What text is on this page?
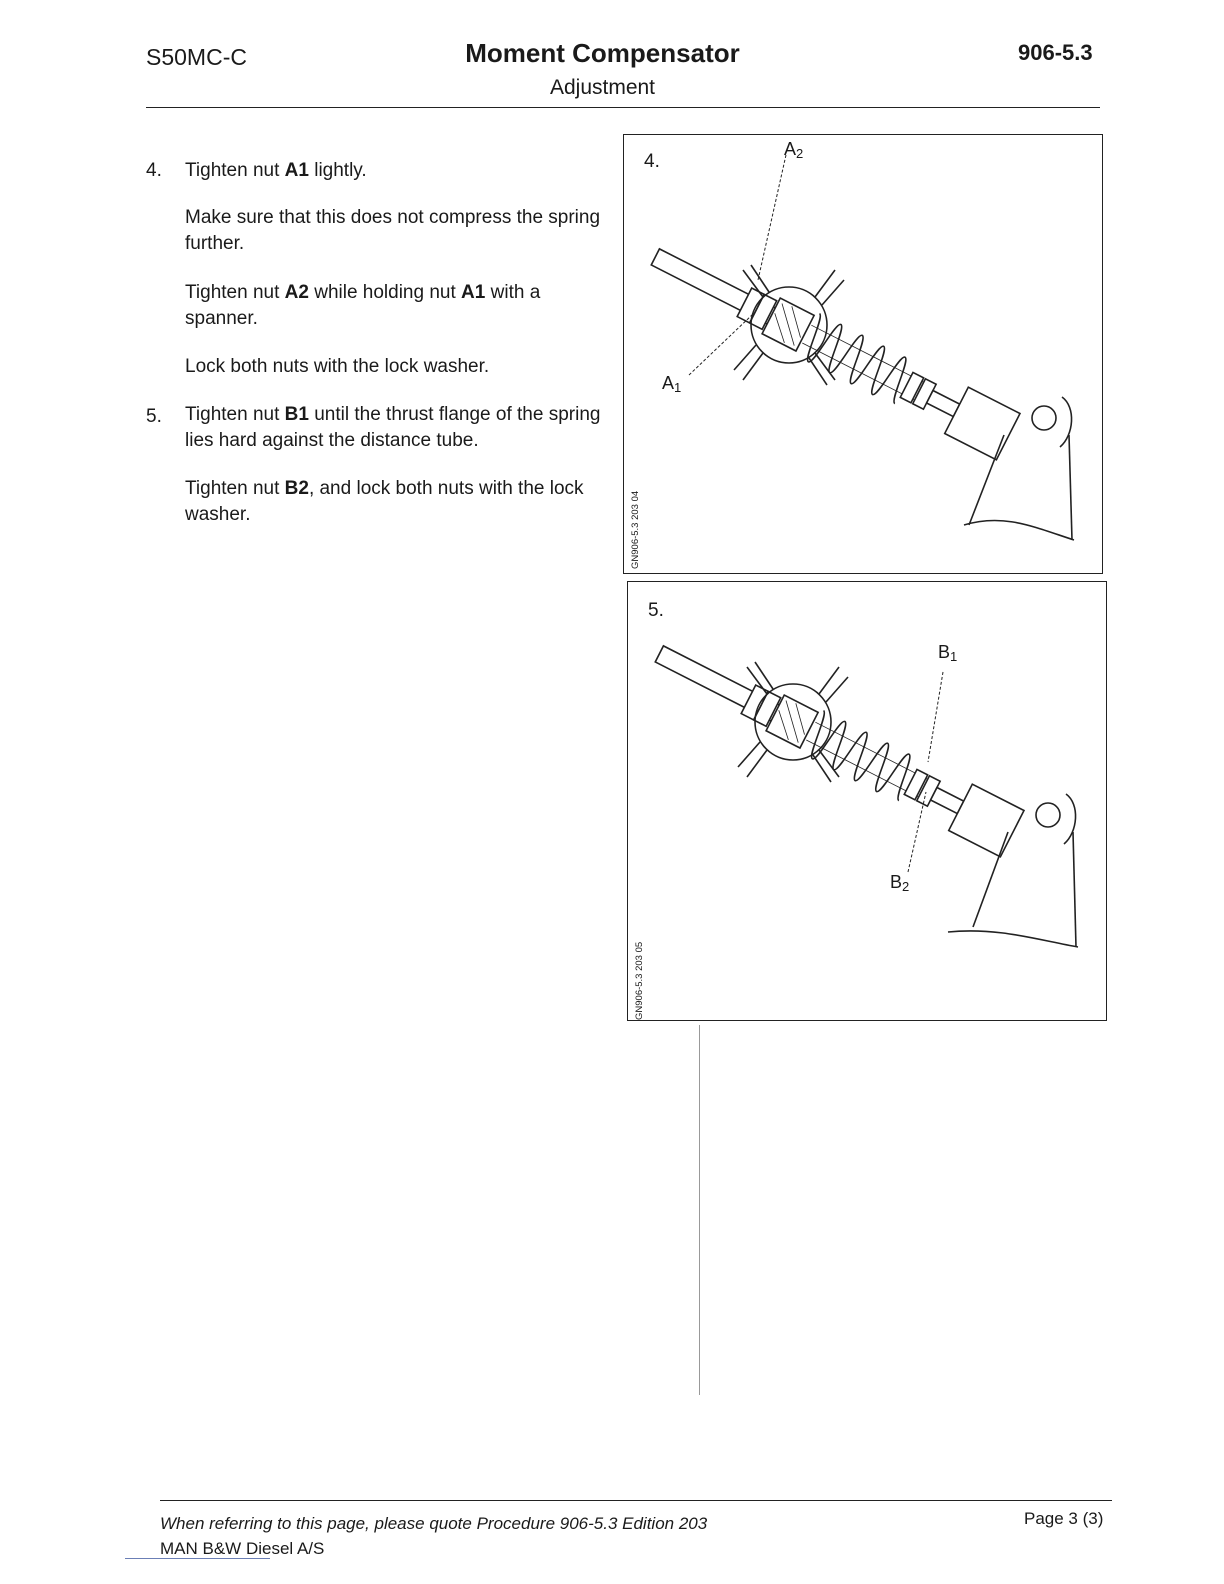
S50MC-C	Moment Compensator
Adjustment
906-5.3
4. Tighten nut A1 lightly.
Make sure that this does not compress the spring further.
Tighten nut A2 while holding nut A1 with a spanner.
Lock both nuts with the lock washer.
5. Tighten nut B1 until the thrust flange of the spring lies hard against the distance tube.
Tighten nut B2, and lock both nuts with the lock washer.
4.
$A_2$
$A_1$
GN906-5.3 203 04
5.
$B_1$
$B_2$
GN906-5.3 203 05
When referring to this page, please quote Procedure 906-5.3 Edition 203
MAN B&W Diesel A/S
Page 3 (3)
